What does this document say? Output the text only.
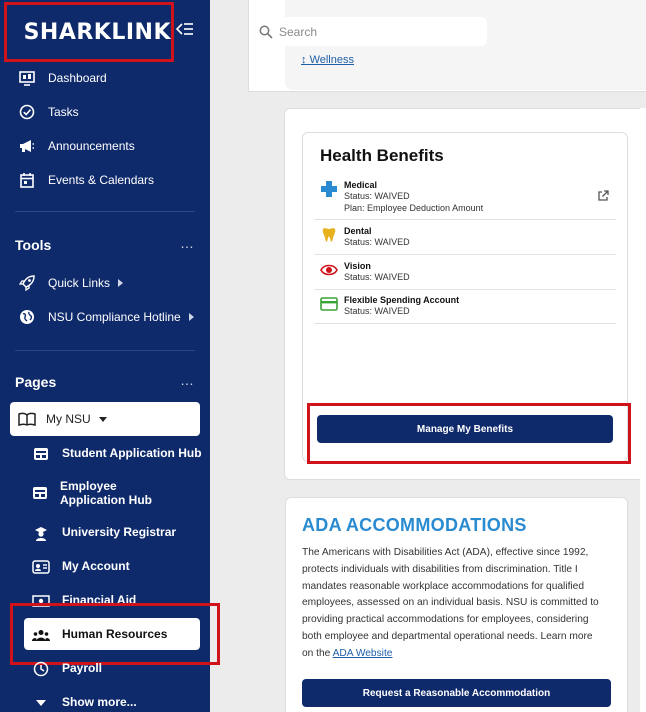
SHARKLINK
Dashboard
Tasks
Announcements
Events & Calendars
Tools	…
Quick Links
NSU Compliance Hotline
Pages	…
My NSU
Student Application Hub
Employee Application Hub
University Registrar
My Account
Financial Aid
Human Resources
Payroll
Show more...
Search
↕ Wellness
Health Benefits
Medical
Status: WAIVED
Plan: Employee Deduction Amount
Dental
Status: WAIVED
Vision
Status: WAIVED
Flexible Spending Account
Status: WAIVED
Manage My Benefits
ADA ACCOMMODATIONS
The Americans with Disabilities Act (ADA), effective since 1992, protects individuals with disabilities from discrimination. Title I mandates reasonable workplace accommodations for qualified employees, assessed on an individual basis. NSU is committed to providing practical accommodations for employees, considering both employee and departmental operational needs. Learn more on the ADA Website
Request a Reasonable Accommodation
